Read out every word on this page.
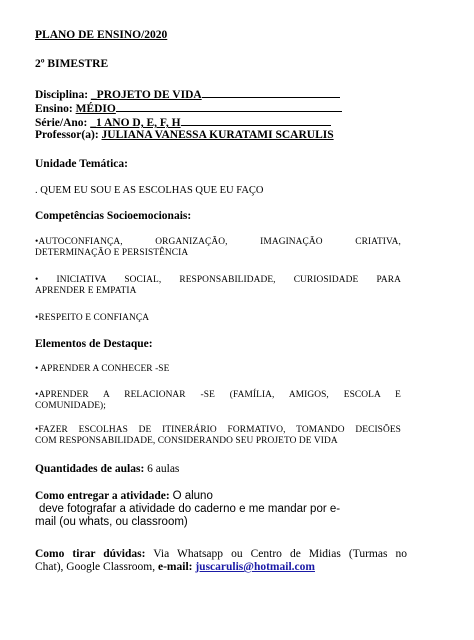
PLANO DE ENSINO/2020
2º BIMESTRE
Disciplina: _PROJETO DE VIDA
Ensino: MÉDIO
Série/Ano: _1 ANO D, E, F, H
Professor(a): JULIANA VANESSA KURATAMI SCARULIS
Unidade Temática:
. QUEM EU SOU E AS ESCOLHAS QUE EU FAÇO
Competências Socioemocionais:
•AUTOCONFIANÇA, ORGANIZAÇÃO, IMAGINAÇÃO CRIATIVA,
DETERMINAÇÃO E PERSISTÊNCIA
• INICIATIVA SOCIAL, RESPONSABILIDADE, CURIOSIDADE PARA
APRENDER E EMPATIA
•RESPEITO E CONFIANÇA
Elementos de Destaque:
• APRENDER A CONHECER -SE
•APRENDER A RELACIONAR -SE (FAMÍLIA, AMIGOS, ESCOLA E
COMUNIDADE);
•FAZER ESCOLHAS DE ITINERÁRIO FORMATIVO, TOMANDO DECISÕES
COM RESPONSABILIDADE, CONSIDERANDO SEU PROJETO DE VIDA
Quantidades de aulas: 6 aulas
Como entregar a atividade: O aluno
deve fotografar a atividade do caderno e me mandar por e-
mail (ou whats, ou classroom)
Como tirar dúvidas: Via Whatsapp ou Centro de Midias (Turmas no
Chat), Google Classroom, e-mail: juscarulis@hotmail.com
